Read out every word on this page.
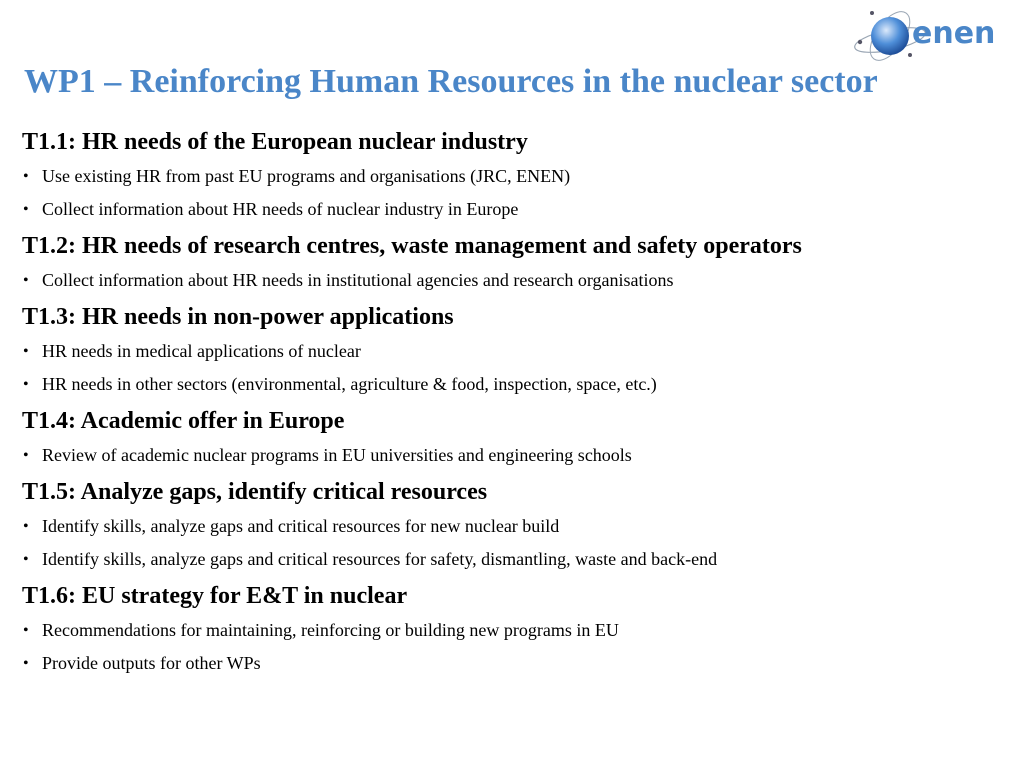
enen
WP1 – Reinforcing Human Resources in the nuclear sector
T1.1: HR needs of the European nuclear industry
• Use existing HR from past EU programs and organisations (JRC, ENEN)
• Collect information about HR needs of nuclear industry in Europe
T1.2: HR needs of research centres, waste management and safety operators
• Collect information about HR needs in institutional agencies and research organisations
T1.3: HR needs in non-power applications
• HR needs in medical applications of nuclear
• HR needs in other sectors (environmental, agriculture & food, inspection, space, etc.)
T1.4: Academic offer in Europe
• Review of academic nuclear programs in EU universities and engineering schools
T1.5: Analyze gaps, identify critical resources
• Identify skills, analyze gaps and critical resources for new nuclear build
• Identify skills, analyze gaps and critical resources for safety, dismantling, waste and back-end
T1.6: EU strategy for E&T in nuclear
• Recommendations for maintaining, reinforcing or building new programs in EU
• Provide outputs for other WPs
